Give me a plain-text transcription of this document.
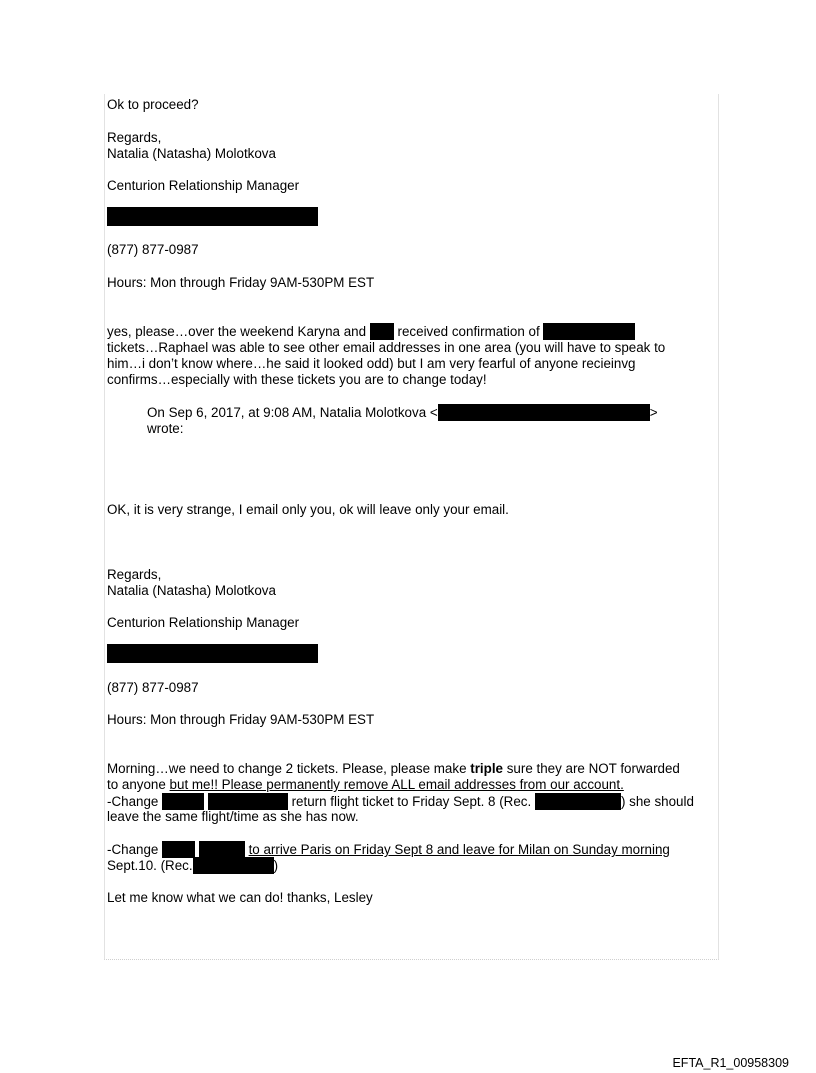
Ok to proceed?
Regards,
Natalia (Natasha) Molotkova
Centurion Relationship Manager
(877) 877-0987
Hours: Mon through Friday 9AM-530PM EST
yes, please…over the weekend Karyna and received confirmation of
tickets…Raphael was able to see other email addresses in one area (you will have to speak to
him…i don’t know where…he said it looked odd) but I am very fearful of anyone recieinvg
confirms…especially with these tickets you are to change today!
On Sep 6, 2017, at 9:08 AM, Natalia Molotkova <	>
wrote:
OK, it is very strange, I email only you, ok will leave only your email.
Regards,
Natalia (Natasha) Molotkova
Centurion Relationship Manager
(877) 877-0987
Hours: Mon through Friday 9AM-530PM EST
Morning…we need to change 2 tickets. Please, please make triple sure they are NOT forwarded
to anyone but me!! Please permanently remove ALL email addresses from our account.
-Change	return flight ticket to Friday Sept. 8 (Rec.	) she should
leave the same flight/time as she has now.
-Change	to arrive Paris on Friday Sept 8 and leave for Milan on Sunday morning
Sept.10. (Rec.	)
Let me know what we can do! thanks, Lesley
EFTA_R1_00958309
